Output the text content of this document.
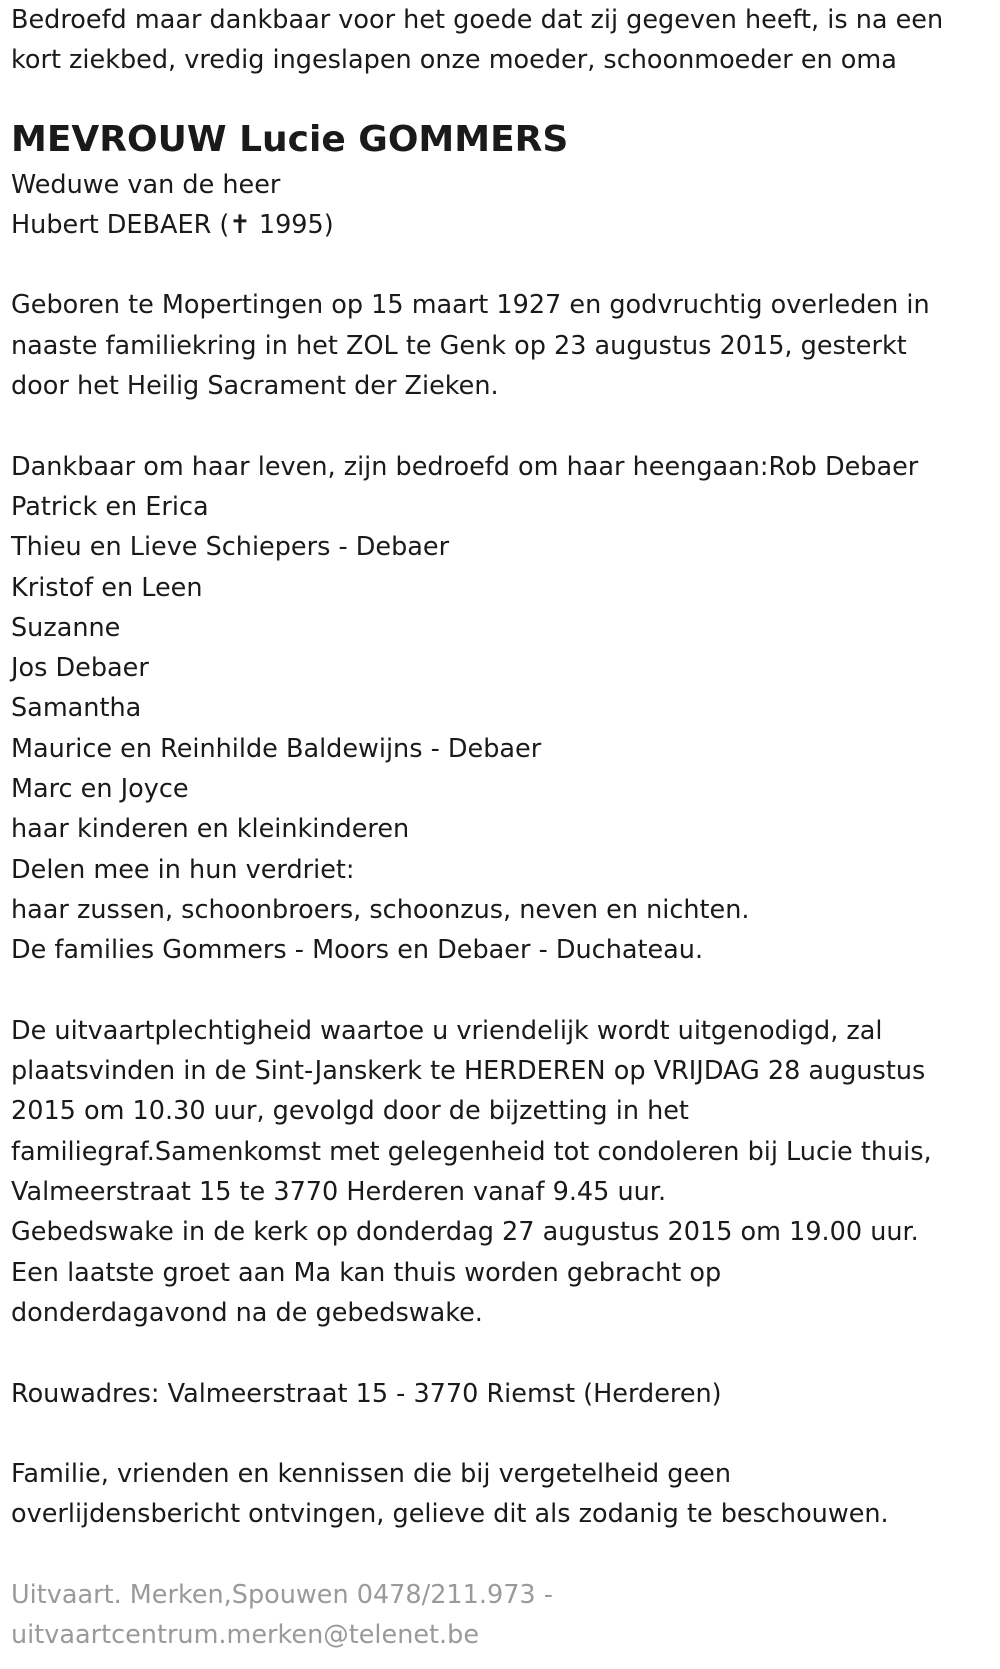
Bedroefd maar dankbaar voor het goede dat zij gegeven heeft, is na een
kort ziekbed, vredig ingeslapen onze moeder, schoonmoeder en oma
MEVROUW Lucie GOMMERS
Weduwe van de heer
Hubert DEBAER (✝ 1995)
Geboren te Mopertingen op 15 maart 1927 en godvruchtig overleden in
naaste familiekring in het ZOL te Genk op 23 augustus 2015, gesterkt
door het Heilig Sacrament der Zieken.
Dankbaar om haar leven, zijn bedroefd om haar heengaan:Rob Debaer
Patrick en Erica
Thieu en Lieve Schiepers - Debaer
Kristof en Leen
Suzanne
Jos Debaer
Samantha
Maurice en Reinhilde Baldewijns - Debaer
Marc en Joyce
haar kinderen en kleinkinderen
Delen mee in hun verdriet:
haar zussen, schoonbroers, schoonzus, neven en nichten.
De families Gommers - Moors en Debaer - Duchateau.
De uitvaartplechtigheid waartoe u vriendelijk wordt uitgenodigd, zal
plaatsvinden in de Sint-Janskerk te HERDEREN op VRIJDAG 28 augustus
2015 om 10.30 uur, gevolgd door de bijzetting in het
familiegraf.Samenkomst met gelegenheid tot condoleren bij Lucie thuis,
Valmeerstraat 15 te 3770 Herderen vanaf 9.45 uur.
Gebedswake in de kerk op donderdag 27 augustus 2015 om 19.00 uur.
Een laatste groet aan Ma kan thuis worden gebracht op
donderdagavond na de gebedswake.
Rouwadres: Valmeerstraat 15 - 3770 Riemst (Herderen)
Familie, vrienden en kennissen die bij vergetelheid geen
overlijdensbericht ontvingen, gelieve dit als zodanig te beschouwen.
Uitvaart. Merken,Spouwen 0478/211.973 -
uitvaartcentrum.merken@telenet.be
